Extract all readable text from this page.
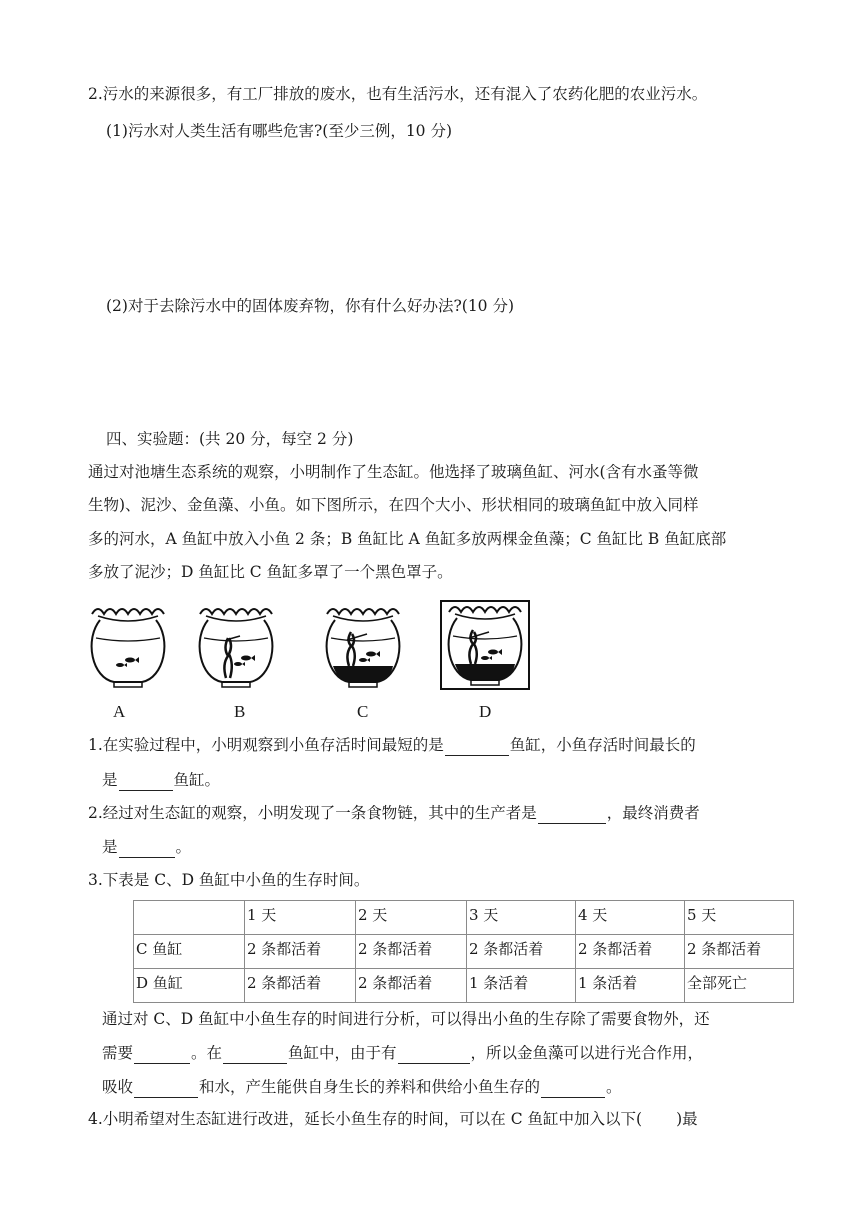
2.污水的来源很多，有工厂排放的废水，也有生活污水，还有混入了农药化肥的农业污水。
(1)污水对人类生活有哪些危害?(至少三例，10 分)
(2)对于去除污水中的固体废弃物，你有什么好办法?(10 分)
四、实验题：(共 20 分，每空 2 分)
通过对池塘生态系统的观察，小明制作了生态缸。他选择了玻璃鱼缸、河水(含有水蚤等微
生物)、泥沙、金鱼藻、小鱼。如下图所示，在四个大小、形状相同的玻璃鱼缸中放入同样
多的河水，A 鱼缸中放入小鱼 2 条；B 鱼缸比 A 鱼缸多放两棵金鱼藻；C 鱼缸比 B 鱼缸底部
多放了泥沙；D 鱼缸比 C 鱼缸多罩了一个黑色罩子。
A	B	C	D
1.在实验过程中，小明观察到小鱼存活时间最短的是	鱼缸，小鱼存活时间最长的
是	鱼缸。
2.经过对生态缸的观察，小明发现了一条食物链，其中的生产者是	，最终消费者
是	。
3.下表是 C、D 鱼缸中小鱼的生存时间。
	1 天	2 天	3 天	4 天	5 天
C 鱼缸	2 条都活着	2 条都活着	2 条都活着	2 条都活着	2 条都活着
D 鱼缸	2 条都活着	2 条都活着	1 条活着	1 条活着	全部死亡
通过对 C、D 鱼缸中小鱼生存的时间进行分析，可以得出小鱼的生存除了需要食物外，还
需要	。在	鱼缸中，由于有	，所以金鱼藻可以进行光合作用，
吸收	和水，产生能供自身生长的养料和供给小鱼生存的	。
4.小明希望对生态缸进行改进，延长小鱼生存的时间，可以在 C 鱼缸中加入以下( )最
